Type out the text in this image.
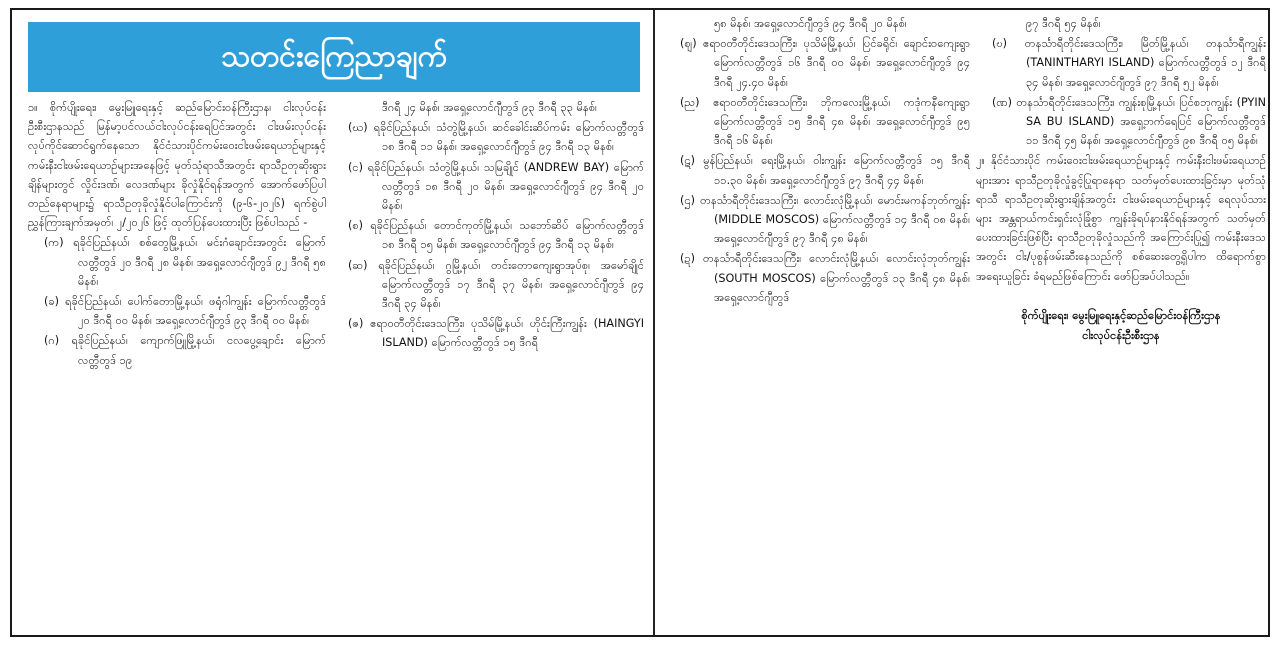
သတင်းကြေညာချက်

၁။ စိုက်ပျိုးရေး၊ မွေးမြူရေးနှင့် ဆည်မြောင်းဝန်ကြီးဌာန၊ ငါးလုပ်ငန်းဦးစီးဌာနသည် မြန်မာ့ပင်လယ်ငါးလုပ်ငန်းရေပြင်အတွင်း ငါးဖမ်းလုပ်ငန်း လုပ်ကိုင်ဆောင်ရွက်နေသော နိုင်ငံသားပိုင်ကမ်းဝေးငါးဖမ်းရေယာဉ်များနှင့် ကမ်းနီးငါးဖမ်းရေယာဉ်များအနေဖြင့် မုတ်သုံရာသီအတွင်း ရာသီဥတုဆိုးရွားချိန်များတွင် လှိုင်းဒဏ်၊ လေဒဏ်များ ခိုလှုံနိုင်ရန်အတွက် အောက်ဖော်ပြပါတည်နေရာများ၌ ရာသီဥတုခိုလှုံနိုင်ပါကြောင်းကို (၉-၆-၂၀၂၆) ရက်စွဲပါ ညွှန်ကြားချက်အမှတ်၊ ၂/၂၀၂၆ ဖြင့် ထုတ်ပြန်ပေးထားပြီး ဖြစ်ပါသည် -

(က) ရခိုင်ပြည်နယ်၊ စစ်တွေမြို့နယ်၊ မင်းဂံချောင်းအတွင်း မြောက်လတ္တီတွဒ် ၂၀ ဒီဂရီ ၂၈ မိနစ်၊ အရှေ့လောင်ဂျီတွဒ် ၉၂ ဒီဂရီ ၅၈ မိနစ်၊

(ခ) ရခိုင်ပြည်နယ်၊ ပေါက်တောမြို့နယ်၊ ဖရုံဂါကျွန်း မြောက်လတ္တီတွဒ် ၂၀ ဒီဂရီ ၀၀ မိနစ်၊ အရှေ့လောင်ဂျီတွဒ် ၉၃ ဒီဂရီ ၀၀ မိနစ်၊

(ဂ) ရခိုင်ပြည်နယ်၊ ကျောက်ဖြူမြို့နယ်၊ ငလပွေ့ချောင်း မြောက်လတ္တီတွဒ် ၁၉

ဒီဂရီ ၂၄ မိနစ်၊ အရှေ့လောင်ဂျီတွဒ် ၉၃ ဒီဂရီ ၃၃ မိနစ်၊

(ဃ) ရခိုင်ပြည်နယ်၊ သံတွဲမြို့နယ်၊ ဆင်ခေါင်းဆိပ်ကမ်း မြောက်လတ္တီတွဒ် ၁၈ ဒီဂရီ ၁၁ မိနစ်၊ အရှေ့လောင်ဂျီတွဒ် ၉၄ ဒီဂရီ ၁၃ မိနစ်၊

(င) ရခိုင်ပြည်နယ်၊ သံတွဲမြို့နယ်၊ သမြချိုင် (ANDREW BAY) မြောက်လတ္တီတွဒ် ၁၈ ဒီဂရီ ၂၀ မိနစ်၊ အရှေ့လောင်ဂျီတွဒ် ၉၄ ဒီဂရီ ၂၀ မိနစ်၊

(စ) ရခိုင်ပြည်နယ်၊ တောင်ကုတ်မြို့နယ်၊ သဘော်ဆိပ် မြောက်လတ္တီတွဒ် ၁၈ ဒီဂရီ ၁၅ မိနစ်၊ အရှေ့လောင်ဂျီတွဒ် ၉၄ ဒီဂရီ ၁၃ မိနစ်၊

(ဆ) ရခိုင်ပြည်နယ်၊ ဂွမြို့နယ်၊ တင်းတောကျေးရွာအုပ်စု၊ အမော်ချိုင် မြောက်လတ္တီတွဒ် ၁၇ ဒီဂရီ ၃၇ မိနစ်၊ အရှေ့လောင်ဂျီတွဒ် ၉၄ ဒီဂရီ ၃၄ မိနစ်၊

(ဇ) ဧရာဝတီတိုင်းဒေသကြီး၊ ပုသိမ်မြို့နယ်၊ ဟိုင်းကြီးကျွန်း (HAINGYI ISLAND) မြောက်လတ္တီတွဒ် ၁၅ ဒီဂရီ

၅၈ မိနစ်၊ အရှေ့လောင်ဂျီတွဒ် ၉၄ ဒီဂရီ ၂၀ မိနစ်၊

(ဈ) ဧရာဝတီတိုင်းဒေသကြီး၊ ပုသိမ်မြို့နယ်၊ ပြင်ခရိုင်၊ ချောင်းဝကျေးရွာ မြောက်လတ္တီတွဒ် ၁၆ ဒီဂရီ ၀၀ မိနစ်၊ အရှေ့လောင်ဂျီတွဒ် ၉၄ ဒီဂရီ ၂၄.၄၀ မိနစ်၊

(ည) ဧရာဝတီတိုင်းဒေသကြီး၊ ဘိုကလေးမြို့နယ်၊ ကဒုံကနီကျေးရွာ မြောက်လတ္တီတွဒ် ၁၅ ဒီဂရီ ၄၈ မိနစ်၊ အရှေ့လောင်ဂျီတွဒ် ၉၅ ဒီဂရီ ၁၆ မိနစ်၊

(ဋ) မွန်ပြည်နယ်၊ ရေးမြို့နယ်၊ ဝါးကျွန်း မြောက်လတ္တီတွဒ် ၁၅ ဒီဂရီ ၁၁.၃၀ မိနစ်၊ အရှေ့လောင်ဂျီတွဒ် ၉၇ ဒီဂရီ ၄၄ မိနစ်၊

(ဌ) တနင်္သာရီတိုင်းဒေသကြီး၊ လောင်းလုံမြို့နယ်၊ မောင်းမကန်ဘုတ်ကျွန်း (MIDDLE MOSCOS) မြောက်လတ္တီတွဒ် ၁၄ ဒီဂရီ ၀၈ မိနစ်၊ အရှေ့လောင်ဂျီတွဒ် ၉၇ ဒီဂရီ ၄၈ မိနစ်၊

(ဍ) တနင်္သာရီတိုင်းဒေသကြီး၊ လောင်းလုံမြို့နယ်၊ လောင်းလုံဘုတ်ကျွန်း (SOUTH MOSCOS) မြောက်လတ္တီတွဒ် ၁၃ ဒီဂရီ ၄၈ မိနစ်၊ အရှေ့လောင်ဂျီတွဒ်

၉၇ ဒီဂရီ ၅၄ မိနစ်၊

(ဎ) တနင်္သာရီတိုင်းဒေသကြီး၊ မြိတ်မြို့နယ်၊ တနင်္သာရီကျွန်း (TANINTHARYI ISLAND) မြောက်လတ္တီတွဒ် ၁၂ ဒီဂရီ ၃၄ မိနစ်၊ အရှေ့လောင်ဂျီတွဒ် ၉၇ ဒီဂရီ ၅၂ မိနစ်၊

(ဏ) တနင်္သာရီတိုင်းဒေသကြီး၊ ကျွန်းစုမြို့နယ်၊ ပြင်စဘုကျွန်း (PYIN SA BU ISLAND) အရှေ့ဘက်ရေပြင် မြောက်လတ္တီတွဒ် ၁၁ ဒီဂရီ ၄၅ မိနစ်၊ အရှေ့လောင်ဂျီတွဒ် ၉၈ ဒီဂရီ ၀၅ မိနစ်၊

၂။ နိုင်ငံသားပိုင် ကမ်းဝေးငါးဖမ်းရေယာဉ်များနှင့် ကမ်းနီးငါးဖမ်းရေယာဉ်များအား ရာသီဥတုခိုလှုံခွင့်ပြုရာနေရာ သတ်မှတ်ပေးထားခြင်းမှာ မုတ်သုံရာသီ ရာသီဥတုဆိုးရွားချိန်အတွင်း ငါးဖမ်းရေယာဉ်များနှင့် ရေလုပ်သားများ အန္တရာယ်ကင်းရှင်းလုံခြုံစွာ ကျွန်းခိုရပ်နားနိုင်ရန်အတွက် သတ်မှတ်ပေးထားခြင်းဖြစ်ပြီး ရာသီဥတုခိုလှုံသည်ကို အကြောင်းပြု၍ ကမ်းနီးဒေသအတွင်း ငါး/ပုစွန်ဖမ်းဆီးနေသည်ကို စစ်ဆေးတွေ့ရှိပါက ထိရောက်စွာ အရေးယူခြင်း ခံရမည်ဖြစ်ကြောင်း ဖော်ပြအပ်ပါသည်။

စိုက်ပျိုးရေး၊ မွေးမြူရေးနှင့်ဆည်မြောင်းဝန်ကြီးဌာန

ငါးလုပ်ငန်းဦးစီးဌာန
